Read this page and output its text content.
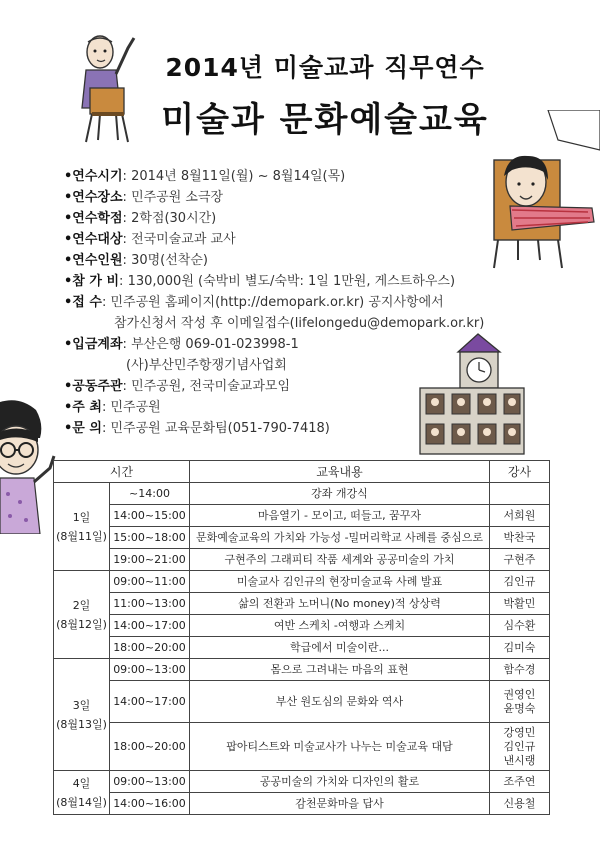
2014년 미술교과 직무연수
미술과 문화예술교육
•연수시기: 2014년 8월11일(월) ~ 8월14일(목)
•연수장소: 민주공원 소극장
•연수학점: 2학점(30시간)
•연수대상: 전국미술교과 교사
•연수인원: 30명(선착순)
•참 가 비: 130,000원 (숙박비 별도/숙박: 1일 1만원, 게스트하우스)
•접 수: 민주공원 홈페이지(http://demopark.or.kr) 공지사항에서
참가신청서 작성 후 이메일접수(lifelongedu@demopark.or.kr)
•입금계좌: 부산은행 069-01-023998-1
(사)부산민주항쟁기념사업회
•공동주관: 민주공원, 전국미술교과모임
•주 최: 민주공원
•문 의: 민주공원 교육문화팀(051-790-7418)
시간		교육내용	강사
1일
(8월11일)	~14:00	강좌 개강식	
	14:00~15:00	마음열기 - 모이고, 떠들고, 꿈꾸자	서희원
	15:00~18:00	문화예술교육의 가치와 가능성 -밀머리학교 사례를 중심으로	박찬국
	19:00~21:00	구현주의 그래피티 작품 세계와 공공미술의 가치	구현주
2일
(8월12일)	09:00~11:00	미술교사 김인규의 현장미술교육 사례 발표	김인규
	11:00~13:00	삶의 전환과 노머니(No money)적 상상력	박활민
	14:00~17:00	여반 스케치 -여행과 스케치	심수환
	18:00~20:00	학급에서 미술이란...	김미숙
3일
(8월13일)	09:00~13:00	몸으로 그려내는 마음의 표현	함수경
	14:00~17:00	부산 원도심의 문화와 역사	권영인
윤명숙
	18:00~20:00	팝아티스트와 미술교사가 나누는 미술교육 대담	강영민
김인규
낸시랭
4일
(8월14일)	09:00~13:00	공공미술의 가치와 디자인의 활로	조주연
	14:00~16:00	감천문화마을 답사	신용철
